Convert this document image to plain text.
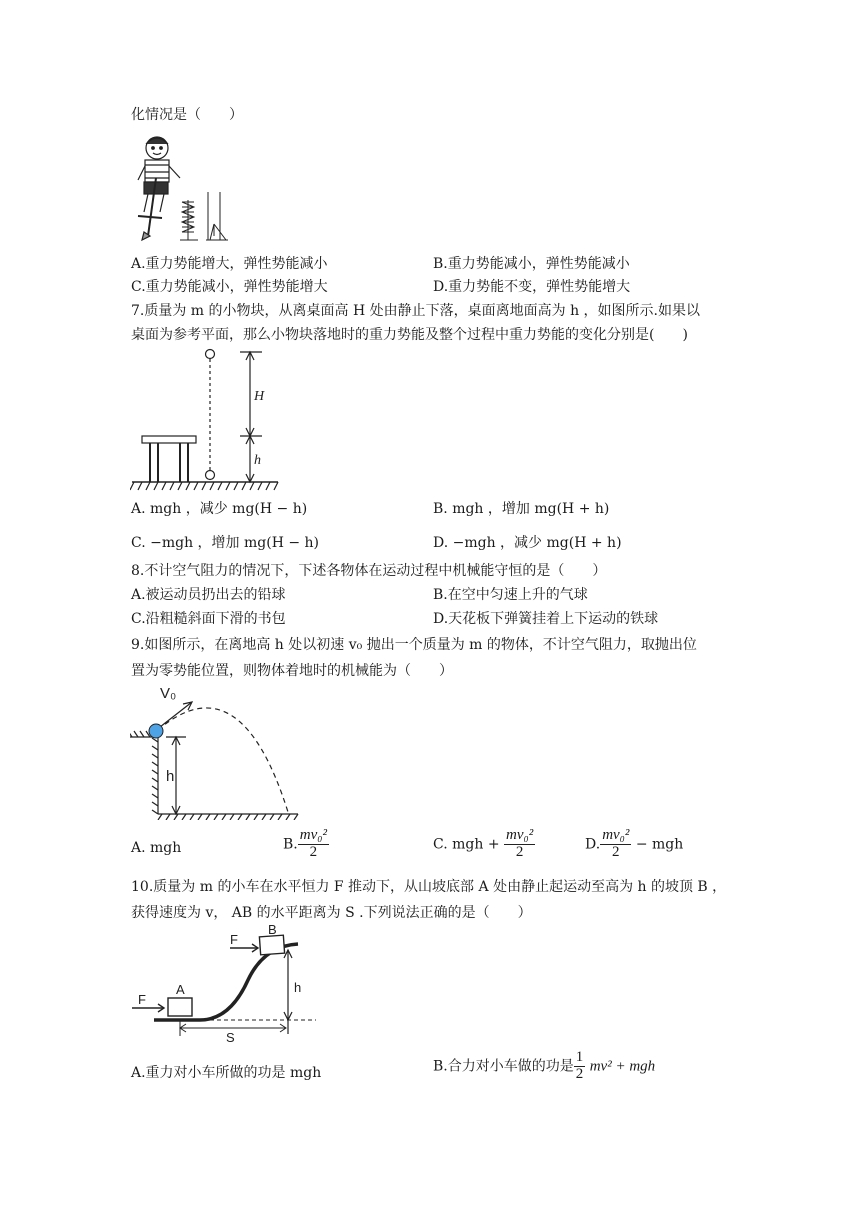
化情况是（　　）
A.重力势能增大，弹性势能减小	B.重力势能减小，弹性势能减小
C.重力势能减小，弹性势能增大	D.重力势能不变，弹性势能增大
7.质量为 m 的小物块，从离桌面高 H 处由静止下落，桌面离地面高为 h ，如图所示.如果以
桌面为参考平面，那么小物块落地时的重力势能及整个过程中重力势能的变化分别是(　　)
H
h
A. mgh ，减少 mg(H − h)	B. mgh ，增加 mg(H + h)
C. −mgh ，增加 mg(H − h)	D. −mgh ，减少 mg(H + h)
8.不计空气阻力的情况下，下述各物体在运动过程中机械能守恒的是（　　）
A.被运动员扔出去的铅球	B.在空中匀速上升的气球
C.沿粗糙斜面下滑的书包	D.天花板下弹簧挂着上下运动的铁球
9.如图所示，在离地高 h 处以初速 v₀ 抛出一个质量为 m 的物体，不计空气阻力，取抛出位
置为零势能位置，则物体着地时的机械能为（　　）
V₀
h
A. mgh	B. $\frac{\text{mv₀²}}{2}$	C. mgh + $\frac{\text{mv₀²}}{2}$	D. $\frac{\text{mv₀²}}{2}$ − mgh
10.质量为 m 的小车在水平恒力 F 推动下，从山坡底部 A 处由静止起运动至高为 h 的坡顶 B ，
获得速度为 v， AB 的水平距离为 S .下列说法正确的是（　　）
F
F
A
B
h
S
A.重力对小车所做的功是 mgh	B.合力对小车做的功是 $\frac{1}{2} mv^2$ + mgh
